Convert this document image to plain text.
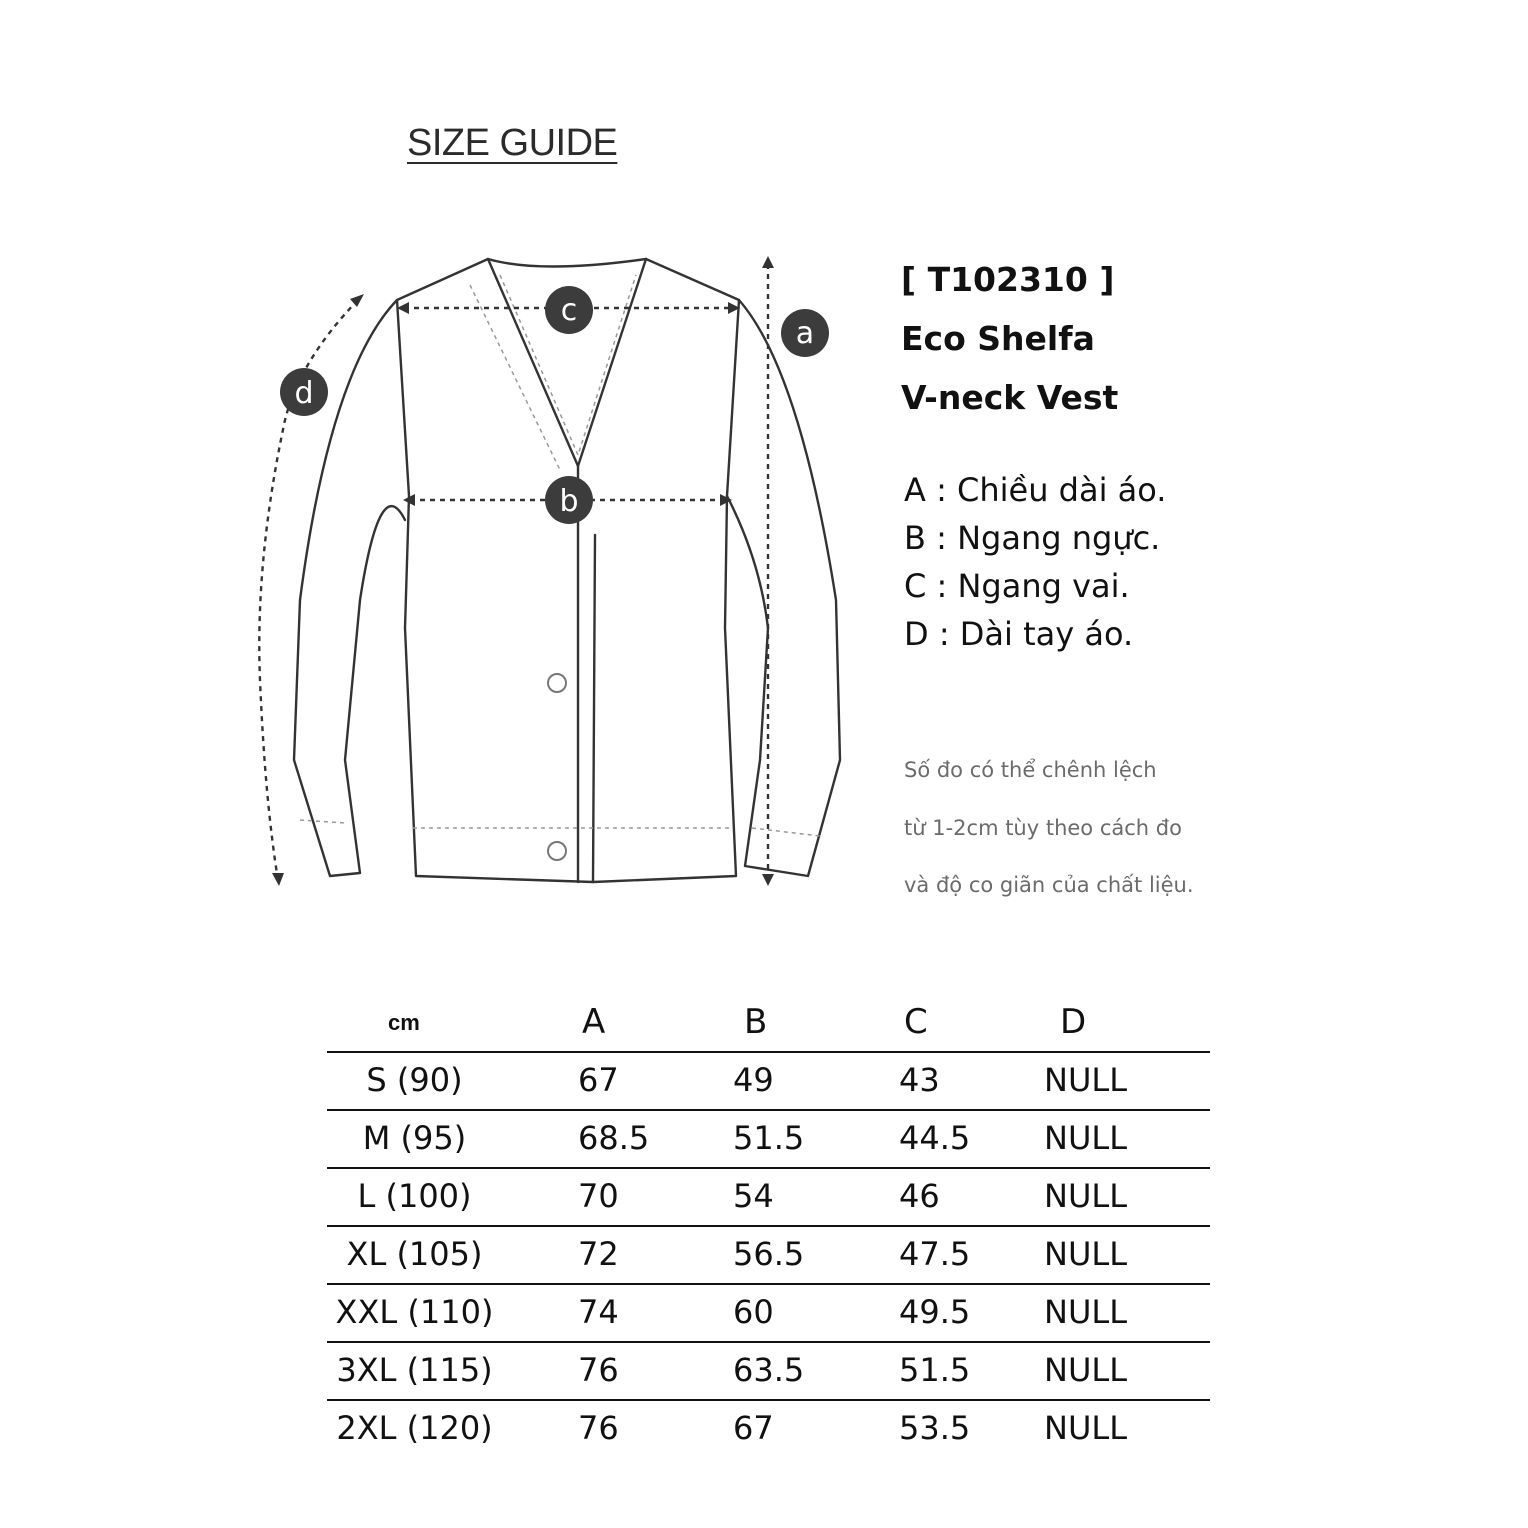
SIZE GUIDE
c
b
a
d
[ T102310 ]
Eco Shelfa
V-neck Vest
A : Chiều dài áo.
B : Ngang ngực.
C : Ngang vai.
D : Dài tay áo.
Số đo có thể chênh lệch
từ 1-2cm tùy theo cách đo
và độ co giãn của chất liệu.
cm	A	B	C	D
S (90)	67	49	43	NULL
M (95)	68.5	51.5	44.5 NULL
L (100)	70	54	46	NULL
XL (105)	72	56.5	47.5 NULL
XXL (110)	74	60	49.5 NULL
3XL (115)	76	63.5	51.5 NULL
2XL (120)	76	67	53.5 NULL
